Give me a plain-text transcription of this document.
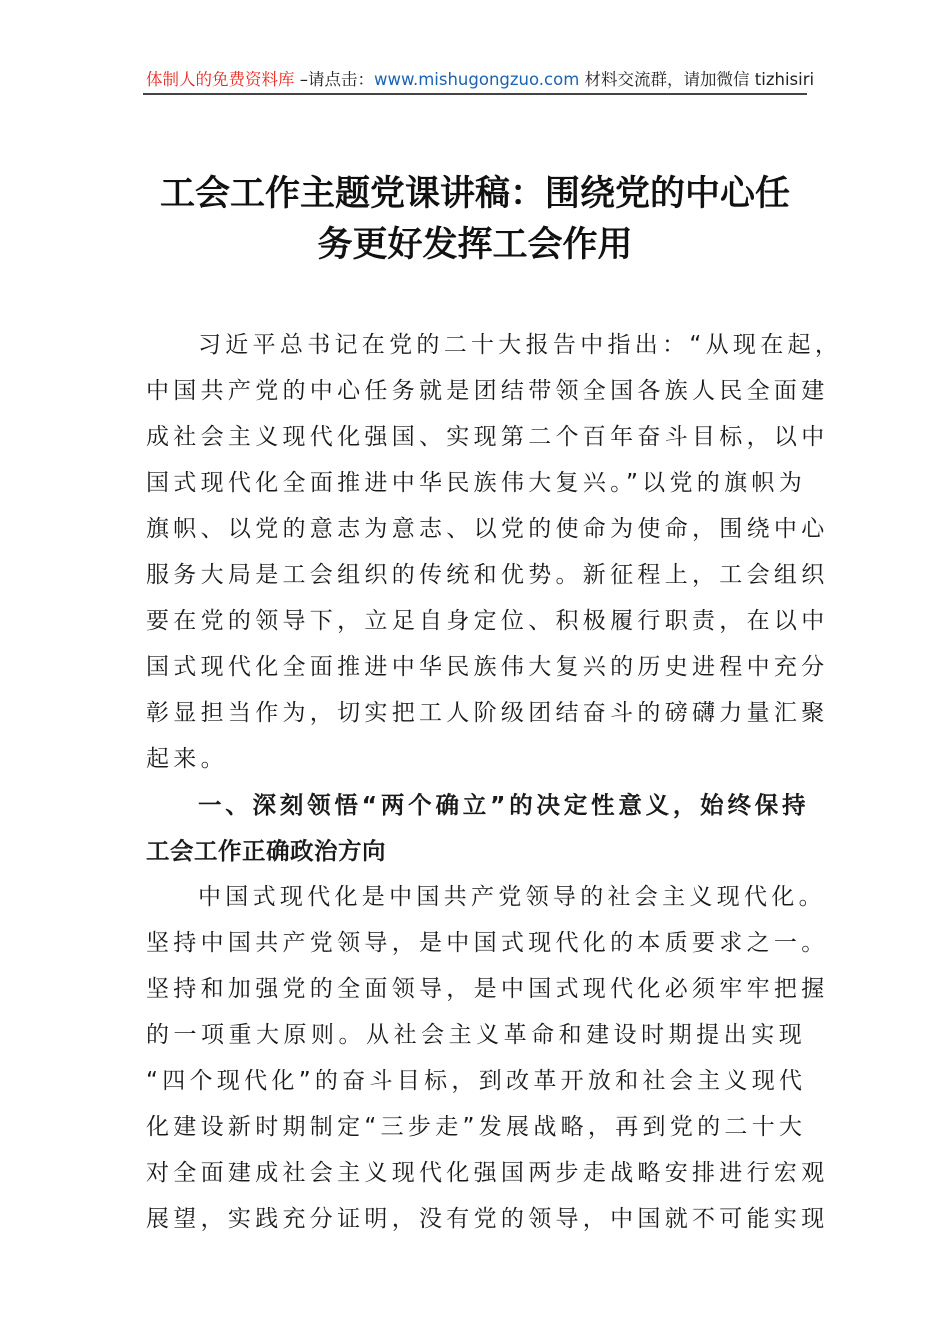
体制人的免费资料库 –请点击：www.mishugongzuo.com 材料交流群，请加微信 tizhisiri
工会工作主题党课讲稿：围绕党的中心任
务更好发挥工会作用
习近平总书记在党的二十大报告中指出：“从现在起，
中国共产党的中心任务就是团结带领全国各族人民全面建
成社会主义现代化强国、实现第二个百年奋斗目标，以中
国式现代化全面推进中华民族伟大复兴。”以党的旗帜为
旗帜、以党的意志为意志、以党的使命为使命，围绕中心
服务大局是工会组织的传统和优势。新征程上，工会组织
要在党的领导下，立足自身定位、积极履行职责，在以中
国式现代化全面推进中华民族伟大复兴的历史进程中充分
彰显担当作为，切实把工人阶级团结奋斗的磅礴力量汇聚
起来。
一、深刻领悟“两个确立”的决定性意义，始终保持
工会工作正确政治方向
中国式现代化是中国共产党领导的社会主义现代化。
坚持中国共产党领导，是中国式现代化的本质要求之一。
坚持和加强党的全面领导，是中国式现代化必须牢牢把握
的一项重大原则。从社会主义革命和建设时期提出实现
“四个现代化”的奋斗目标，到改革开放和社会主义现代
化建设新时期制定“三步走”发展战略，再到党的二十大
对全面建成社会主义现代化强国两步走战略安排进行宏观
展望，实践充分证明，没有党的领导，中国就不可能实现
